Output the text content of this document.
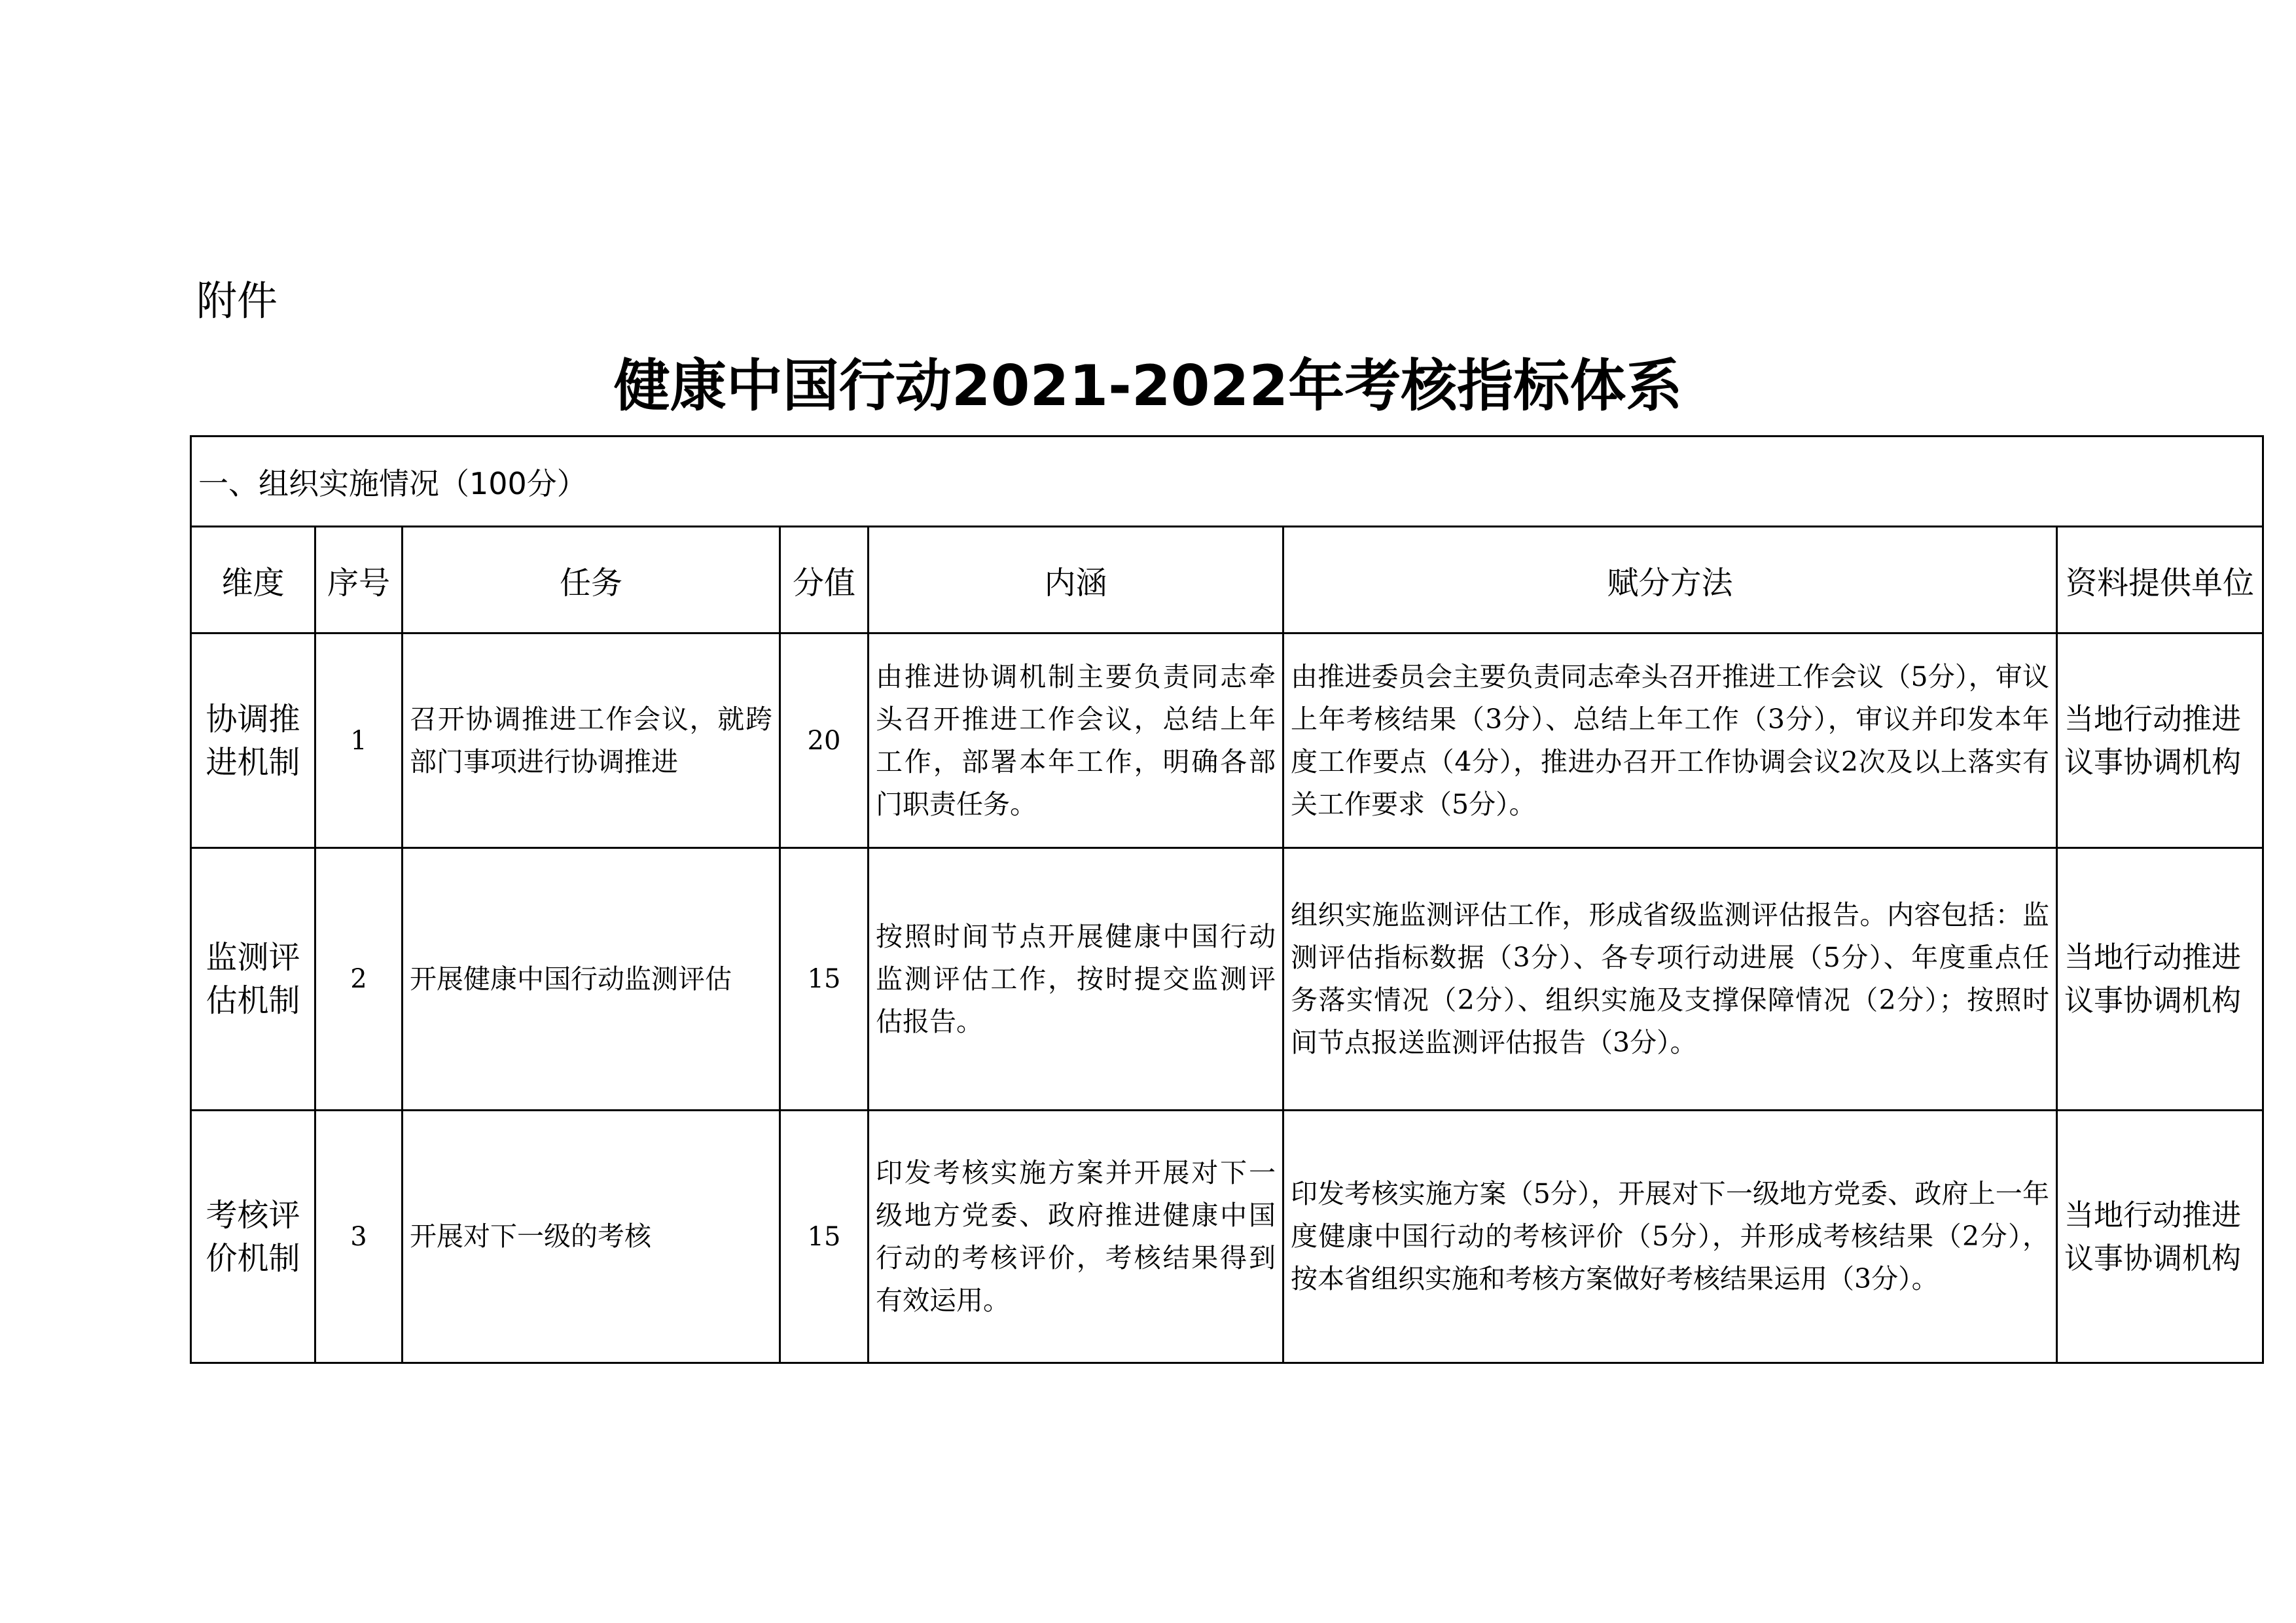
附件
健康中国行动2021-2022年考核指标体系
一、组织实施情况（100分）						
维度	序号	任务	分值	内涵	赋分方法	资料提供单位
协调推进机制	1	召开协调推进工作会议，就跨部门事项进行协调推进	20	由推进协调机制主要负责同志牵头召开推进工作会议，总结上年工作，部署本年工作，明确各部门职责任务。	由推进委员会主要负责同志牵头召开推进工作会议（5分），审议上年考核结果（3分）、总结上年工作（3分），审议并印发本年度工作要点（4分），推进办召开工作协调会议2次及以上落实有关工作要求（5分）。	当地行动推进议事协调机构
监测评估机制	2	开展健康中国行动监测评估	15	按照时间节点开展健康中国行动监测评估工作，按时提交监测评估报告。	组织实施监测评估工作，形成省级监测评估报告。内容包括：监测评估指标数据（3分）、各专项行动进展（5分）、年度重点任务落实情况（2分）、组织实施及支撑保障情况（2分）；按照时间节点报送监测评估报告（3分）。	当地行动推进议事协调机构
考核评价机制	3	开展对下一级的考核	15	印发考核实施方案并开展对下一级地方党委、政府推进健康中国行动的考核评价，考核结果得到有效运用。	印发考核实施方案（5分），开展对下一级地方党委、政府上一年度健康中国行动的考核评价（5分），并形成考核结果（2分），按本省组织实施和考核方案做好考核结果运用（3分）。	当地行动推进议事协调机构
